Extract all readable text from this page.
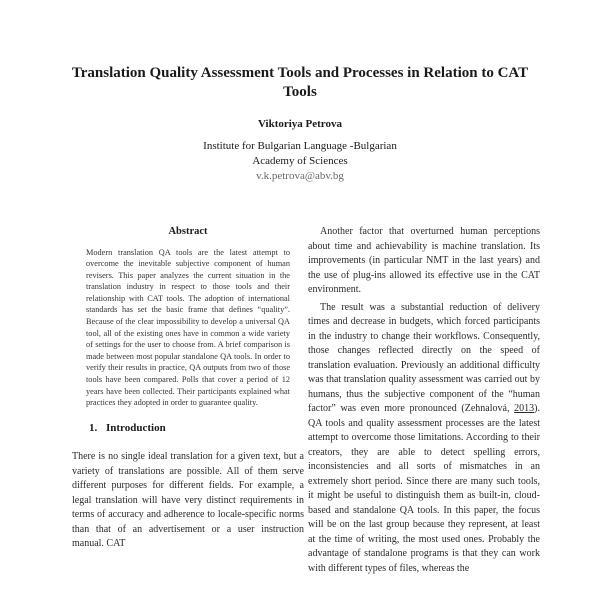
Translation Quality Assessment Tools and Processes in Relation to CAT Tools
Viktoriya Petrova
Institute for Bulgarian Language -Bulgarian
Academy of Sciences
v.k.petrova@abv.bg
Abstract
Modern translation QA tools are the latest attempt to overcome the inevitable subjective component of human revisers. This paper analyzes the current situation in the translation industry in respect to those tools and their relationship with CAT tools. The adoption of international standards has set the basic frame that defines “quality”. Because of the clear impossibility to develop a universal QA tool, all of the existing ones have in common a wide variety of settings for the user to choose from. A brief comparison is made between most popular standalone QA tools. In order to verify their results in practice, QA outputs from two of those tools have been compared. Polls that cover a period of 12 years have been collected. Their participants explained what practices they adopted in order to guarantee quality.
1. Introduction
There is no single ideal translation for a given text, but a variety of translations are possible. All of them serve different purposes for different fields. For example, a legal translation will have very distinct requirements in terms of accuracy and adherence to locale-specific norms than that of an advertisement or a user instruction manual. CAT
Another factor that overturned human perceptions about time and achievability is machine translation. Its improvements (in particular NMT in the last years) and the use of plug-ins allowed its effective use in the CAT environment.
The result was a substantial reduction of delivery times and decrease in budgets, which forced participants in the industry to change their workflows. Consequently, those changes reflected directly on the speed of translation evaluation. Previously an additional difficulty was that translation quality assessment was carried out by humans, thus the subjective component of the “human factor” was even more pronounced (Zehnalová, 2013). QA tools and quality assessment processes are the latest attempt to overcome those limitations. According to their creators, they are able to detect spelling errors, inconsistencies and all sorts of mismatches in an extremely short period. Since there are many such tools, it might be useful to distinguish them as built-in, cloud-based and standalone QA tools. In this paper, the focus will be on the last group because they represent, at least at the time of writing, the most used ones. Probably the advantage of standalone programs is that they can work with different types of files, whereas the
